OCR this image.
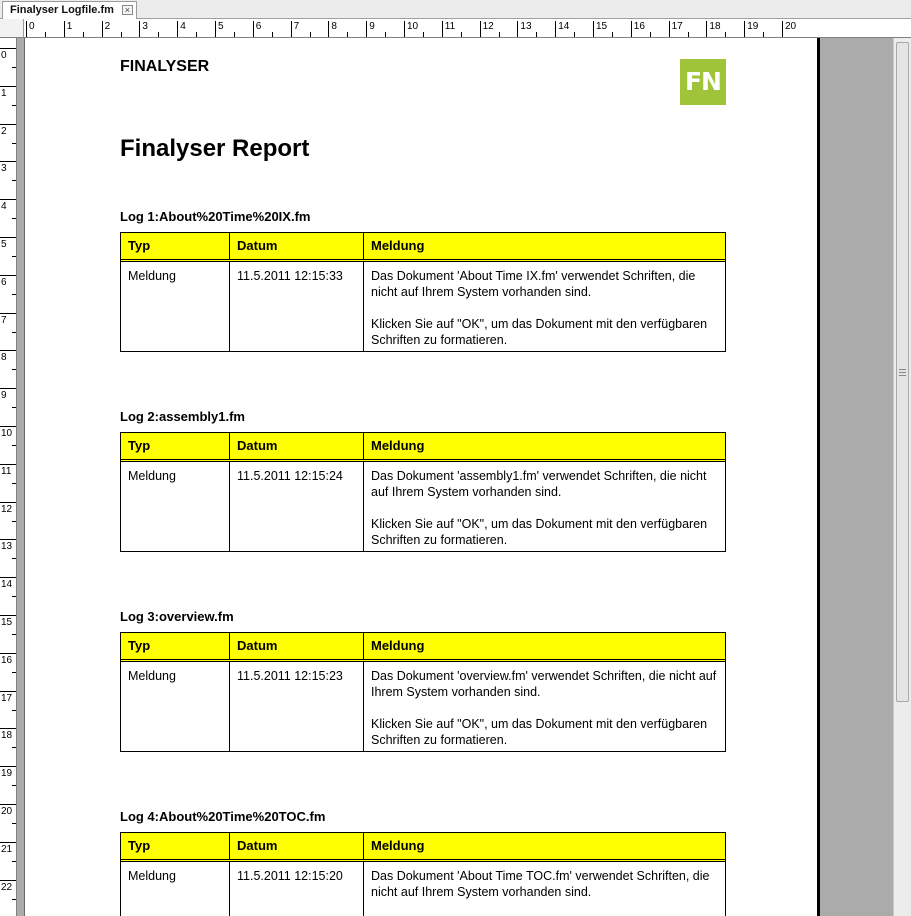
Finalyser Logfile.fm	×
0	1	2	3	4	5	6	7	8	9	10	11	12	13	14	15	16	17	18	19	20
0
1
2
3
4
5
6
7
8
9
10
11
12
13
14
15
16
17
18
19
20
21
22
FINALYSER
FN
Finalyser Report
Log 1:About%20Time%20IX.fm
Typ	Datum	Meldung
Meldung	11.5.2011 12:15:33	Das Dokument 'About Time IX.fm' verwendet Schriften, die nicht auf Ihrem System vorhanden sind.
Klicken Sie auf "OK", um das Dokument mit den verfügbaren Schriften zu formatieren.
Log 2:assembly1.fm
Typ	Datum	Meldung
Meldung	11.5.2011 12:15:24	Das Dokument 'assembly1.fm' verwendet Schriften, die nicht auf Ihrem System vorhanden sind.
Klicken Sie auf "OK", um das Dokument mit den verfügbaren Schriften zu formatieren.
Log 3:overview.fm
Typ	Datum	Meldung
Meldung	11.5.2011 12:15:23	Das Dokument 'overview.fm' verwendet Schriften, die nicht auf Ihrem System vorhanden sind.
Klicken Sie auf "OK", um das Dokument mit den verfügbaren Schriften zu formatieren.
Log 4:About%20Time%20TOC.fm
Typ	Datum	Meldung
Meldung	11.5.2011 12:15:20	Das Dokument 'About Time TOC.fm' verwendet Schriften, die nicht auf Ihrem System vorhanden sind.
